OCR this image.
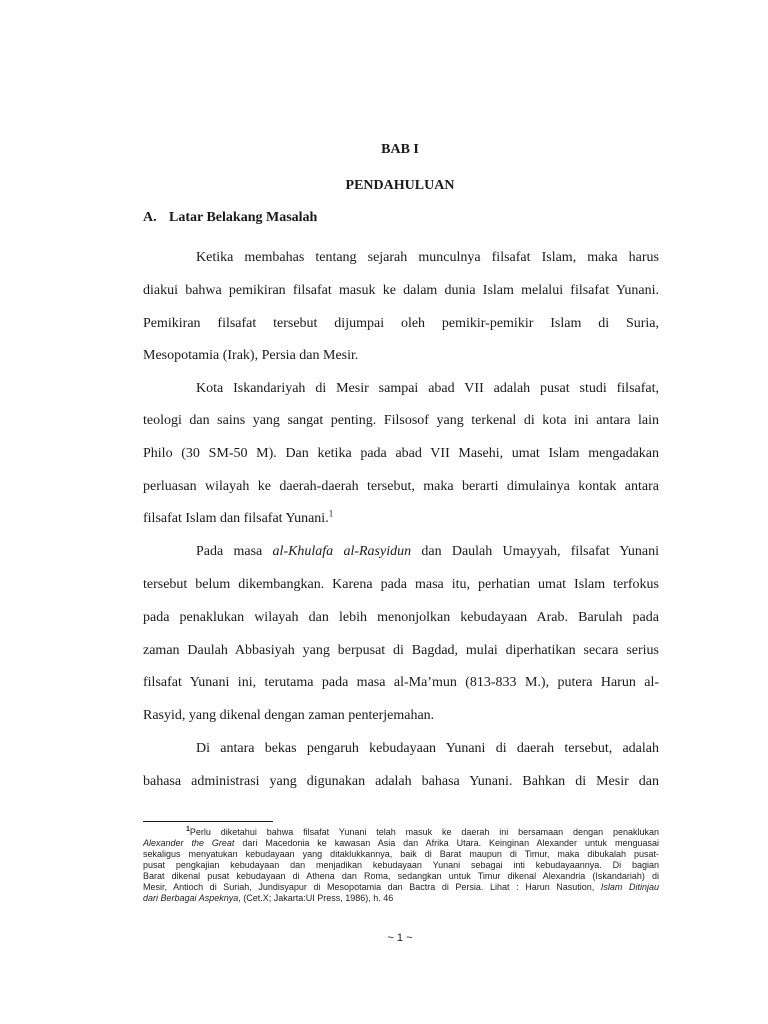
BAB I
PENDAHULUAN
A. Latar Belakang Masalah
Ketika membahas tentang sejarah munculnya filsafat Islam, maka harus
diakui bahwa pemikiran filsafat masuk ke dalam dunia Islam melalui filsafat Yunani.
Pemikiran filsafat tersebut dijumpai oleh pemikir-pemikir Islam di Suria,
Mesopotamia (Irak), Persia dan Mesir.
Kota Iskandariyah di Mesir sampai abad VII adalah pusat studi filsafat,
teologi dan sains yang sangat penting. Filsosof yang terkenal di kota ini antara lain
Philo (30 SM-50 M). Dan ketika pada abad VII Masehi, umat Islam mengadakan
perluasan wilayah ke daerah-daerah tersebut, maka berarti dimulainya kontak antara
filsafat Islam dan filsafat Yunani.$^1$
Pada masa al-Khulafa al-Rasyidun dan Daulah Umayyah, filsafat Yunani
tersebut belum dikembangkan. Karena pada masa itu, perhatian umat Islam terfokus
pada penaklukan wilayah dan lebih menonjolkan kebudayaan Arab. Barulah pada
zaman Daulah Abbasiyah yang berpusat di Bagdad, mulai diperhatikan secara serius
filsafat Yunani ini, terutama pada masa al-Ma’mun (813-833 M.), putera Harun al-
Rasyid, yang dikenal dengan zaman penterjemahan.
Di antara bekas pengaruh kebudayaan Yunani di daerah tersebut, adalah
bahasa administrasi yang digunakan adalah bahasa Yunani. Bahkan di Mesir dan
$^1$Perlu diketahui bahwa filsafat Yunani telah masuk ke daerah ini bersamaan dengan penaklukan
Alexander the Great dari Macedonia ke kawasan Asia dan Afrika Utara. Keinginan Alexander untuk menguasai
sekaligus menyatukan kebudayaan yang ditaklukkannya, baik di Barat maupun di Timur, maka dibukalah pusat-
pusat pengkajian kebudayaan dan menjadikan kebudayaan Yunani sebagai inti kebudayaannya. Di bagian
Barat dikenal pusat kebudayaan di Athena dan Roma, sedangkan untuk Timur dikenal Alexandria (Iskandariah) di
Mesir, Antioch di Suriah, Jundisyapur di Mesopotamia dan Bactra di Persia. Lihat : Harun Nasution, Islam Ditinjau
dari Berbagai Aspeknya, (Cet.X; Jakarta:UI Press, 1986), h. 46
~ 1 ~
